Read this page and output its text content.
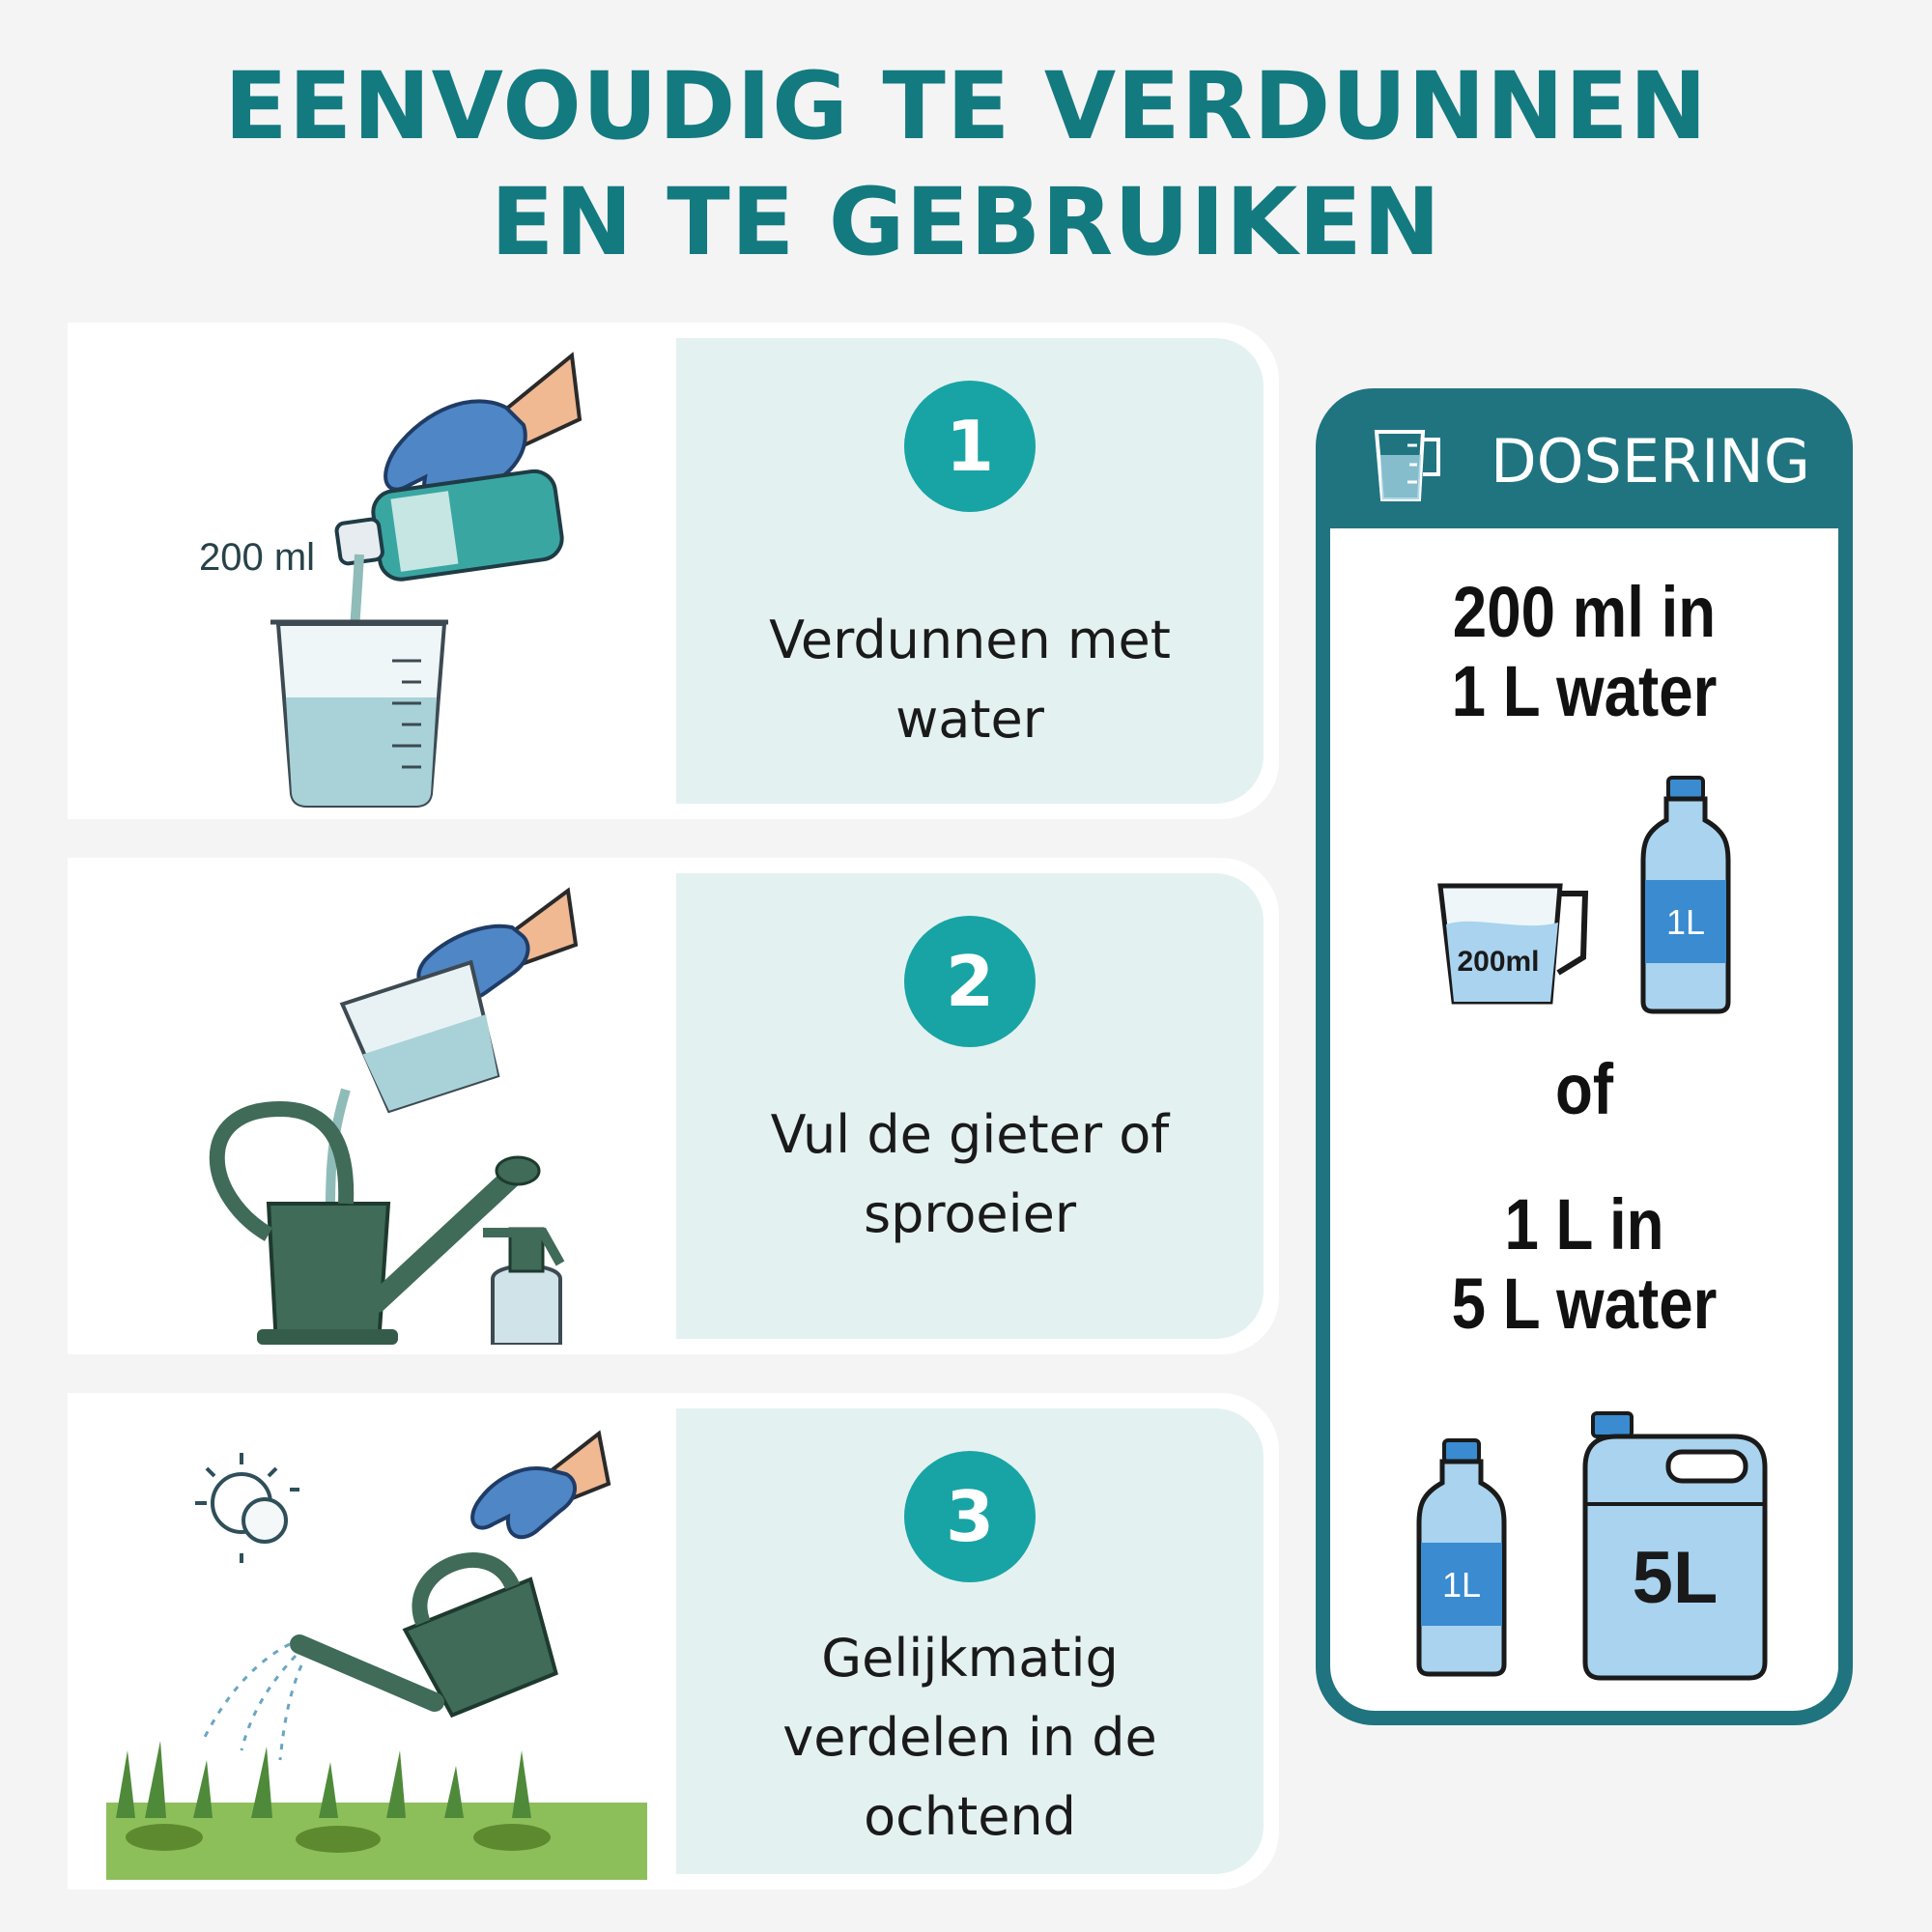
EENVOUDIG TE VERDUNNEN
EN TE GEBRUIKEN
200 ml
1
Verdunnen met
water
2
Vul de gieter of
sproeier
3
Gelijkmatig
verdelen in de
ochtend
DOSERING
200 ml in
1 L water
200ml
1L
of
1 L in
5 L water
1L 5L
